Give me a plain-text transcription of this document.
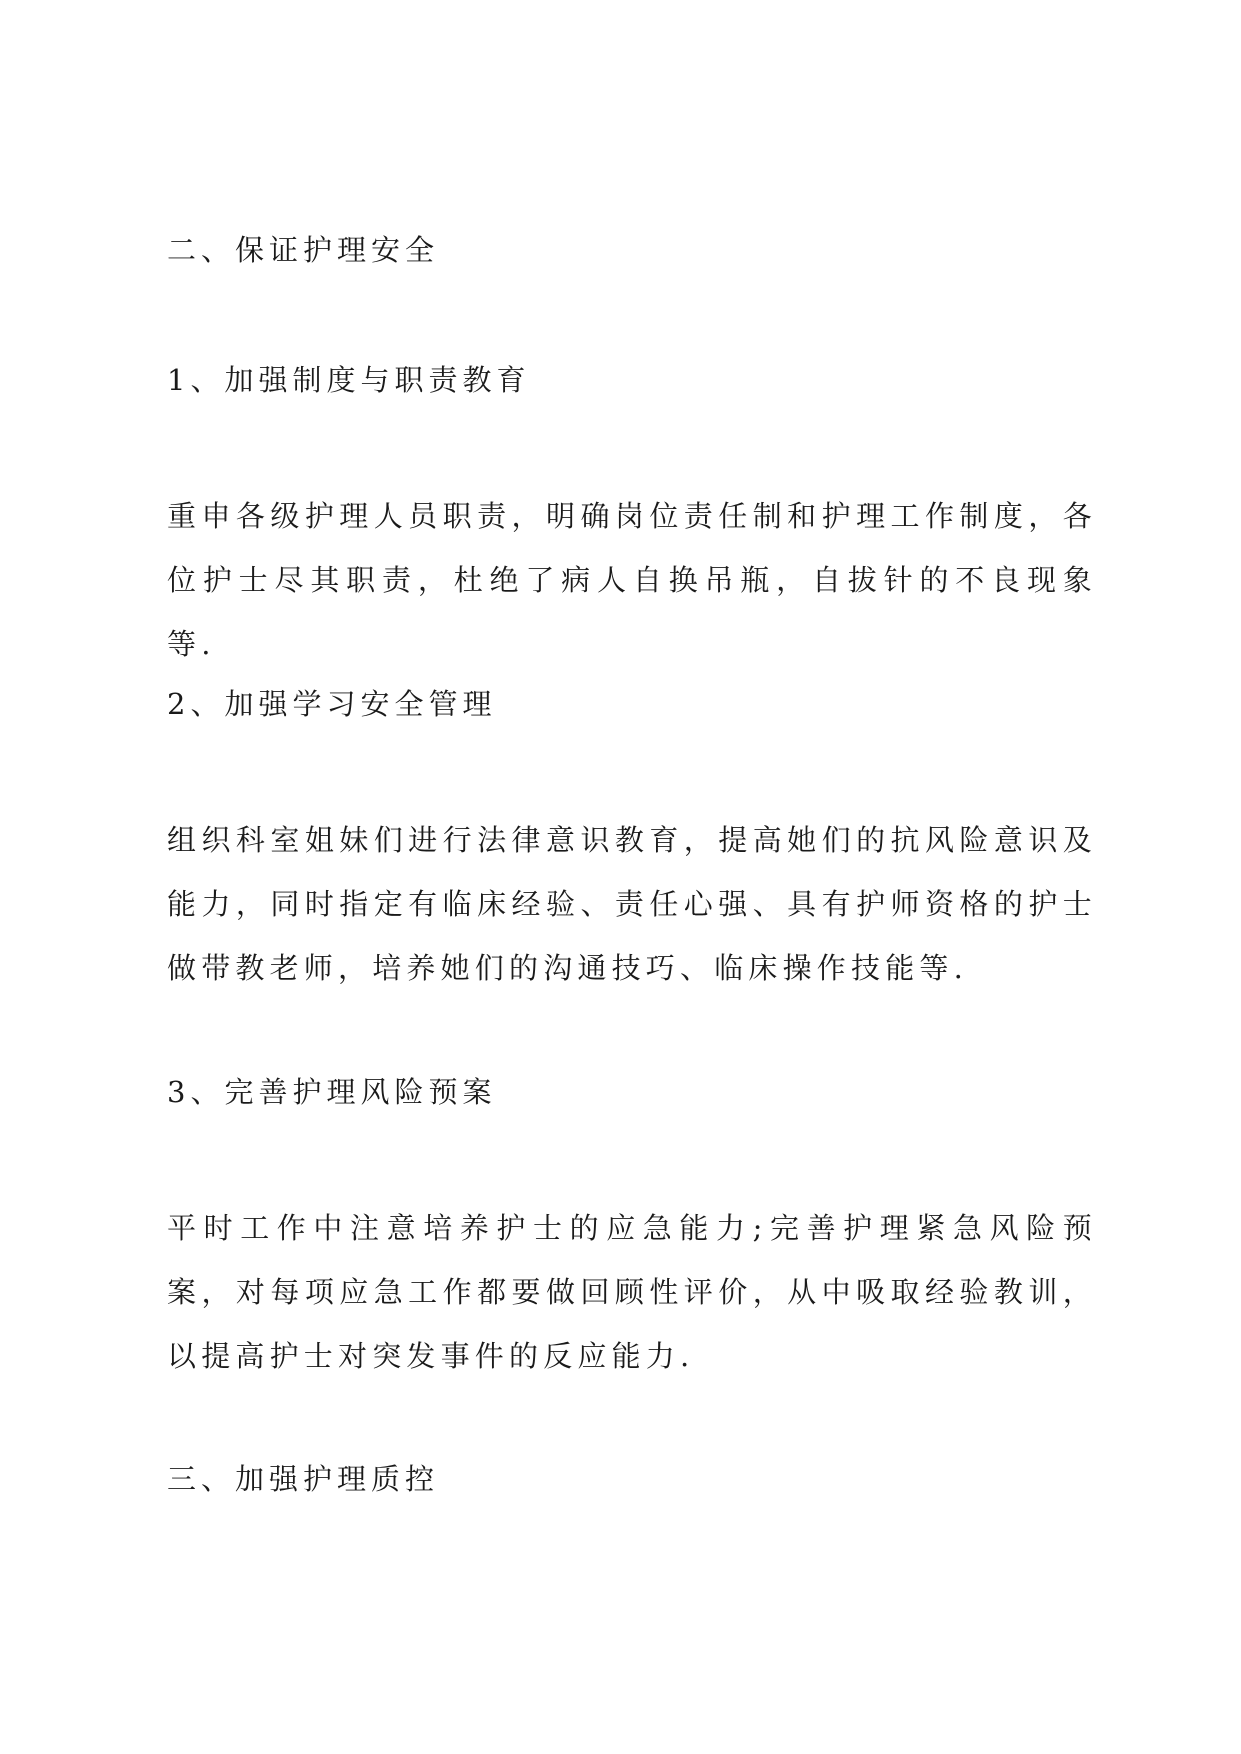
二、保证护理安全
1、加强制度与职责教育

重申各级护理人员职责，明确岗位责任制和护理工作制度，各位护士尽其职责，杜绝了病人自换吊瓶，自拔针的不良现象等.

2、加强学习安全管理

组织科室姐妹们进行法律意识教育，提高她们的抗风险意识及能力，同时指定有临床经验、责任心强、具有护师资格的护士做带教老师，培养她们的沟通技巧、临床操作技能等.

3、完善护理风险预案

平时工作中注意培养护士的应急能力;完善护理紧急风险预案，对每项应急工作都要做回顾性评价，从中吸取经验教训，以提高护士对突发事件的反应能力.

三、加强护理质控
